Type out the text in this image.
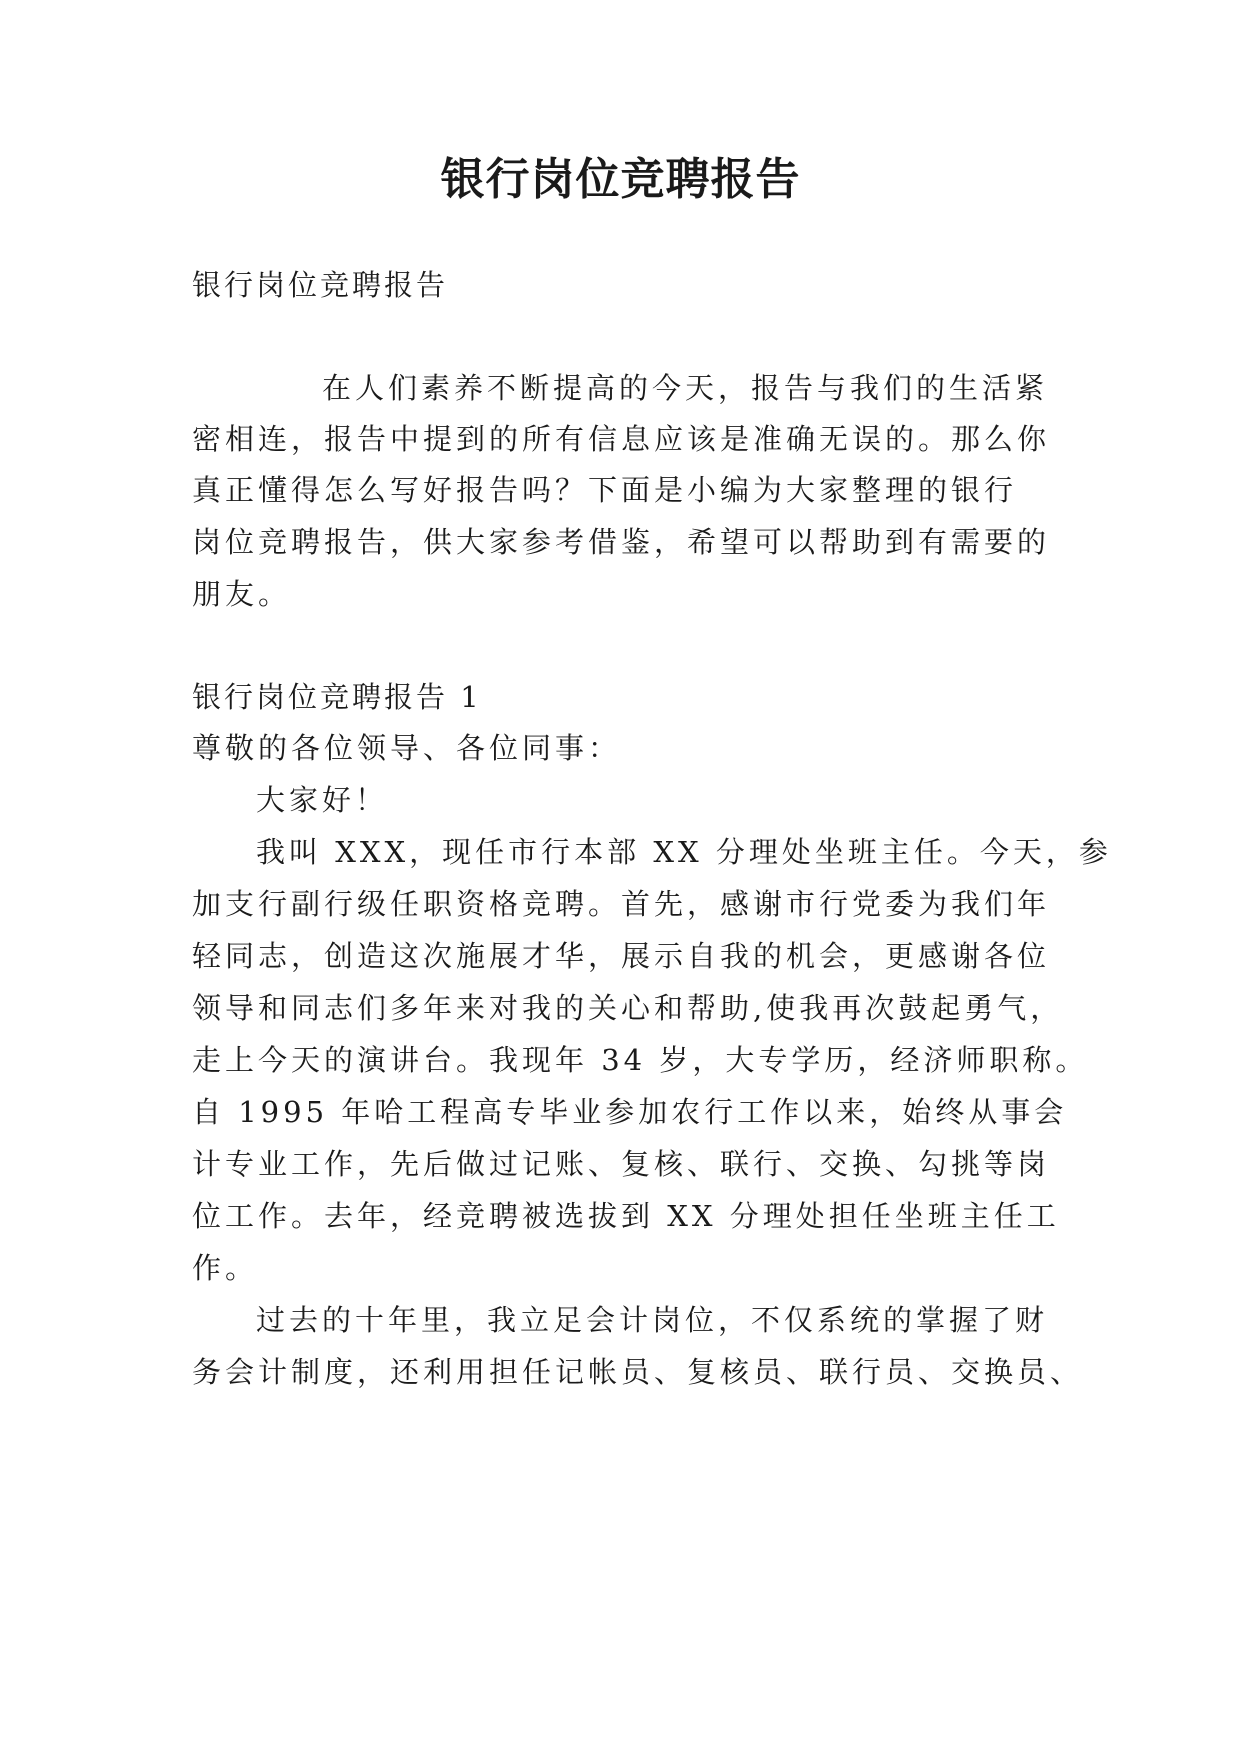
银行岗位竞聘报告
银行岗位竞聘报告
在人们素养不断提高的今天，报告与我们的生活紧
密相连，报告中提到的所有信息应该是准确无误的。那么你
真正懂得怎么写好报告吗？下面是小编为大家整理的银行
岗位竞聘报告，供大家参考借鉴，希望可以帮助到有需要的
朋友。
银行岗位竞聘报告 1
尊敬的各位领导、各位同事：
大家好！
我叫 XXX，现任市行本部 XX 分理处坐班主任。今天，参
加支行副行级任职资格竞聘。首先，感谢市行党委为我们年
轻同志，创造这次施展才华，展示自我的机会，更感谢各位
领导和同志们多年来对我的关心和帮助,使我再次鼓起勇气，
走上今天的演讲台。我现年 34 岁，大专学历，经济师职称。
自 1995 年哈工程高专毕业参加农行工作以来，始终从事会
计专业工作，先后做过记账、复核、联行、交换、勾挑等岗
位工作。去年，经竞聘被选拔到 XX 分理处担任坐班主任工
作。
过去的十年里，我立足会计岗位，不仅系统的掌握了财
务会计制度，还利用担任记帐员、复核员、联行员、交换员、
